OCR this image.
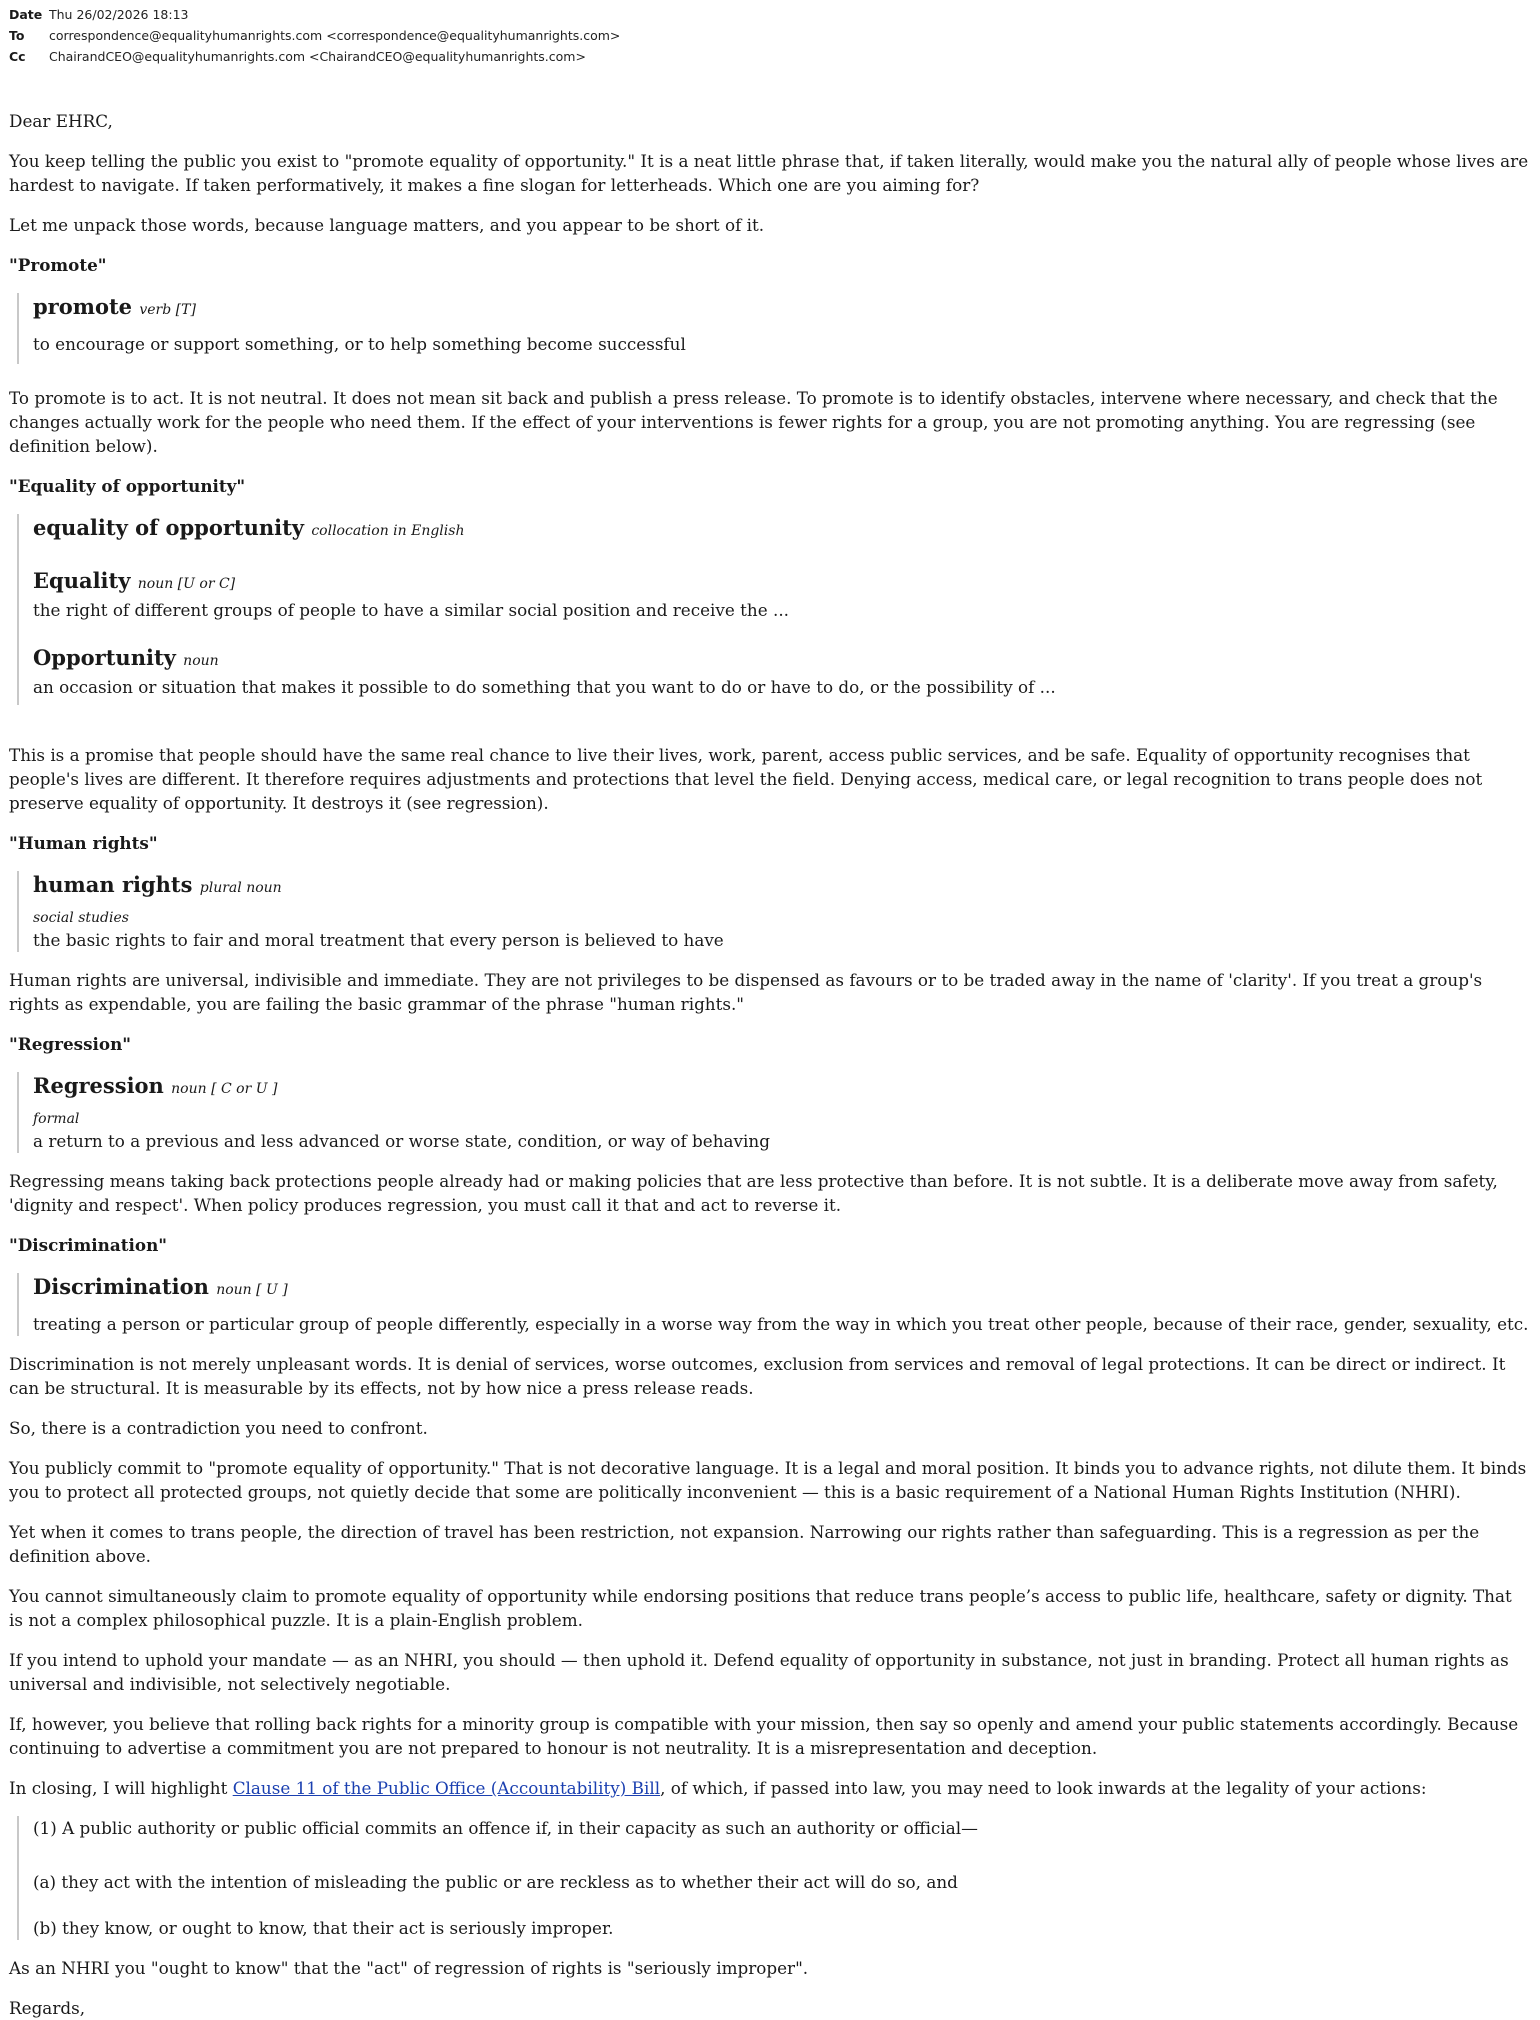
Date Thu 26/02/2026 18:13
To	correspondence@equalityhumanrights.com <correspondence@equalityhumanrights.com>
Cc	ChairandCEO@equalityhumanrights.com <ChairandCEO@equalityhumanrights.com>

Dear EHRC,

You keep telling the public you exist to "promote equality of opportunity." It is a neat little phrase that, if taken literally, would make you the natural ally of people whose lives are hardest to navigate. If taken performatively, it makes a fine slogan for letterheads. Which one are you aiming for?

Let me unpack those words, because language matters, and you appear to be short of it.

"Promote"
promote verb [T]
to encourage or support something, or to help something become successful

To promote is to act. It is not neutral. It does not mean sit back and publish a press release. To promote is to identify obstacles, intervene where necessary, and check that the changes actually work for the people who need them. If the effect of your interventions is fewer rights for a group, you are not promoting anything. You are regressing (see definition below).

"Equality of opportunity"
equality of opportunity collocation in English
Equality noun [U or C]
the right of different groups of people to have a similar social position and receive the ...
Opportunity noun
an occasion or situation that makes it possible to do something that you want to do or have to do, or the possibility of ...

This is a promise that people should have the same real chance to live their lives, work, parent, access public services, and be safe. Equality of opportunity recognises that people's lives are different. It therefore requires adjustments and protections that level the field. Denying access, medical care, or legal recognition to trans people does not preserve equality of opportunity. It destroys it (see regression).

"Human rights"
human rights plural noun
social studies
the basic rights to fair and moral treatment that every person is believed to have

Human rights are universal, indivisible and immediate. They are not privileges to be dispensed as favours or to be traded away in the name of 'clarity'. If you treat a group's rights as expendable, you are failing the basic grammar of the phrase "human rights."

"Regression"
Regression noun [ C or U ]
formal
a return to a previous and less advanced or worse state, condition, or way of behaving

Regressing means taking back protections people already had or making policies that are less protective than before. It is not subtle. It is a deliberate move away from safety, 'dignity and respect'. When policy produces regression, you must call it that and act to reverse it.

"Discrimination"
Discrimination noun [ U ]
treating a person or particular group of people differently, especially in a worse way from the way in which you treat other people, because of their race, gender, sexuality, etc.

Discrimination is not merely unpleasant words. It is denial of services, worse outcomes, exclusion from services and removal of legal protections. It can be direct or indirect. It can be structural. It is measurable by its effects, not by how nice a press release reads.

So, there is a contradiction you need to confront.

You publicly commit to "promote equality of opportunity." That is not decorative language. It is a legal and moral position. It binds you to advance rights, not dilute them. It binds you to protect all protected groups, not quietly decide that some are politically inconvenient — this is a basic requirement of a National Human Rights Institution (NHRI).

Yet when it comes to trans people, the direction of travel has been restriction, not expansion. Narrowing our rights rather than safeguarding. This is a regression as per the definition above.

You cannot simultaneously claim to promote equality of opportunity while endorsing positions that reduce trans people’s access to public life, healthcare, safety or dignity. That is not a complex philosophical puzzle. It is a plain-English problem.

If you intend to uphold your mandate — as an NHRI, you should — then uphold it. Defend equality of opportunity in substance, not just in branding. Protect all human rights as universal and indivisible, not selectively negotiable.

If, however, you believe that rolling back rights for a minority group is compatible with your mission, then say so openly and amend your public statements accordingly. Because continuing to advertise a commitment you are not prepared to honour is not neutrality. It is a misrepresentation and deception.

In closing, I will highlight Clause 11 of the Public Office (Accountability) Bill, of which, if passed into law, you may need to look inwards at the legality of your actions:

(1) A public authority or public official commits an offence if, in their capacity as such an authority or official—
(a) they act with the intention of misleading the public or are reckless as to whether their act will do so, and
(b) they know, or ought to know, that their act is seriously improper.

As an NHRI you "ought to know" that the "act" of regression of rights is "seriously improper".

Regards,
